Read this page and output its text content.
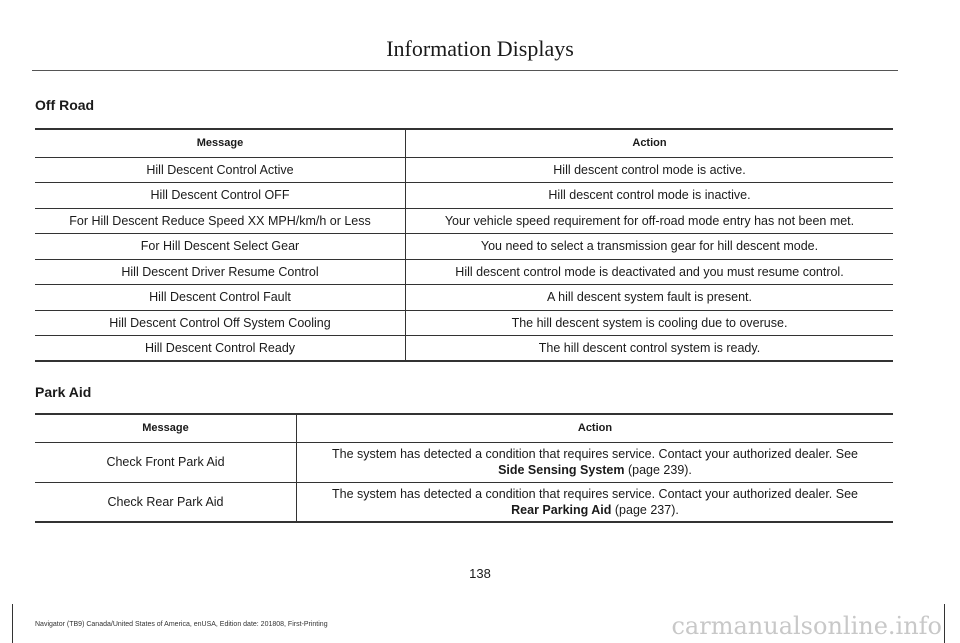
Information Displays
Off Road
Message	Action
Hill Descent Control Active	Hill descent control mode is active.
Hill Descent Control OFF	Hill descent control mode is inactive.
For Hill Descent Reduce Speed XX MPH/km/h or Less	Your vehicle speed requirement for off-road mode entry has not been met.
For Hill Descent Select Gear	You need to select a transmission gear for hill descent mode.
Hill Descent Driver Resume Control	Hill descent control mode is deactivated and you must resume control.
Hill Descent Control Fault	A hill descent system fault is present.
Hill Descent Control Off System Cooling	The hill descent system is cooling due to overuse.
Hill Descent Control Ready	The hill descent control system is ready.
Park Aid
Message	Action
Check Front Park Aid	The system has detected a condition that requires service. Contact your authorized dealer. See
Side Sensing System (page 239).
Check Rear Park Aid	The system has detected a condition that requires service. Contact your authorized dealer. See
Rear Parking Aid (page 237).
138
Navigator (TB9) Canada/United States of America, enUSA, Edition date: 201808, First-Printing	carmanualsonline.info
